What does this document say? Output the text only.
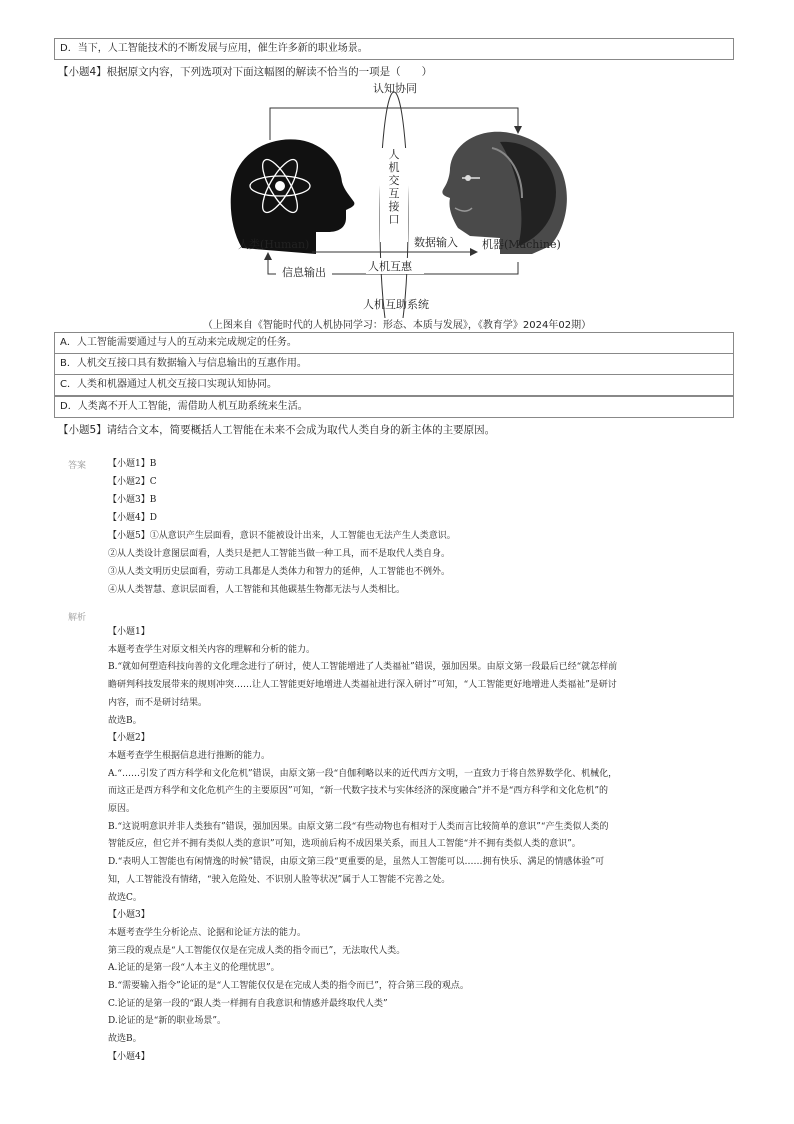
D．当下，人工智能技术的不断发展与应用，催生许多新的职业场景。
【小题4】根据原文内容，下列选项对下面这幅图的解读不恰当的一项是（　　）
认知协同
人机交互接口
人类(Human)	机器(Machine)
数据输入
信息输出	人机互惠
人机互助系统
（上图来自《智能时代的人机协同学习：形态、本质与发展》，《教育学》2024年02期）
A．人工智能需要通过与人的互动来完成规定的任务。
B．人机交互接口具有数据输入与信息输出的互惠作用。
C．人类和机器通过人机交互接口实现认知协同。
D．人类离不开人工智能，需借助人机互助系统来生活。
【小题5】请结合文本，简要概括人工智能在未来不会成为取代人类自身的新主体的主要原因。
答案 【小题1】B
【小题2】C
【小题3】B
【小题4】D
【小题5】①从意识产生层面看，意识不能被设计出来，人工智能也无法产生人类意识。
②从人类设计意图层面看，人类只是把人工智能当做一种工具，而不是取代人类自身。
③从人类文明历史层面看，劳动工具都是人类体力和智力的延伸，人工智能也不例外。
④从人类智慧、意识层面看，人工智能和其他碳基生物都无法与人类相比。
解析
【小题1】
本题考查学生对原文相关内容的理解和分析的能力。
B.“就如何塑造科技向善的文化理念进行了研讨，使人工智能增进了人类福祉”错误，强加因果。由原文第一段最后已经“就怎样前
瞻研判科技发展带来的规则冲突……让人工智能更好地增进人类福祉进行深入研讨”可知，“人工智能更好地增进人类福祉”是研讨
内容，而不是研讨结果。
故选B。
【小题2】
本题考查学生根据信息进行推断的能力。
A.“……引发了西方科学和文化危机”错误，由原文第一段“自伽利略以来的近代西方文明，一直致力于将自然界数学化、机械化，
而这正是西方科学和文化危机产生的主要原因”可知，“新一代数字技术与实体经济的深度融合”并不是“西方科学和文化危机”的
原因。
B.“这说明意识并非人类独有”错误，强加因果。由原文第二段“有些动物也有相对于人类而言比较简单的意识”“产生类似人类的
智能反应，但它并不拥有类似人类的意识”可知，选项前后构不成因果关系，而且人工智能“并不拥有类似人类的意识”。
D.“表明人工智能也有闲情逸的时候”错误，由原文第三段“更重要的是，虽然人工智能可以……拥有快乐、满足的情感体验”可
知，人工智能没有情绪，“驶入危险处、不识别人脸等状况”属于人工智能不完善之处。
故选C。
【小题3】
本题考查学生分析论点、论据和论证方法的能力。
第三段的观点是“人工智能仅仅是在完成人类的指令而已”，无法取代人类。
A.论证的是第一段“人本主义的伦理忧思”。
B.“需要输入指令”论证的是“人工智能仅仅是在完成人类的指令而已”，符合第三段的观点。
C.论证的是第一段的“跟人类一样拥有自我意识和情感并最终取代人类”
D.论证的是“新的职业场景”。
故选B。
【小题4】
